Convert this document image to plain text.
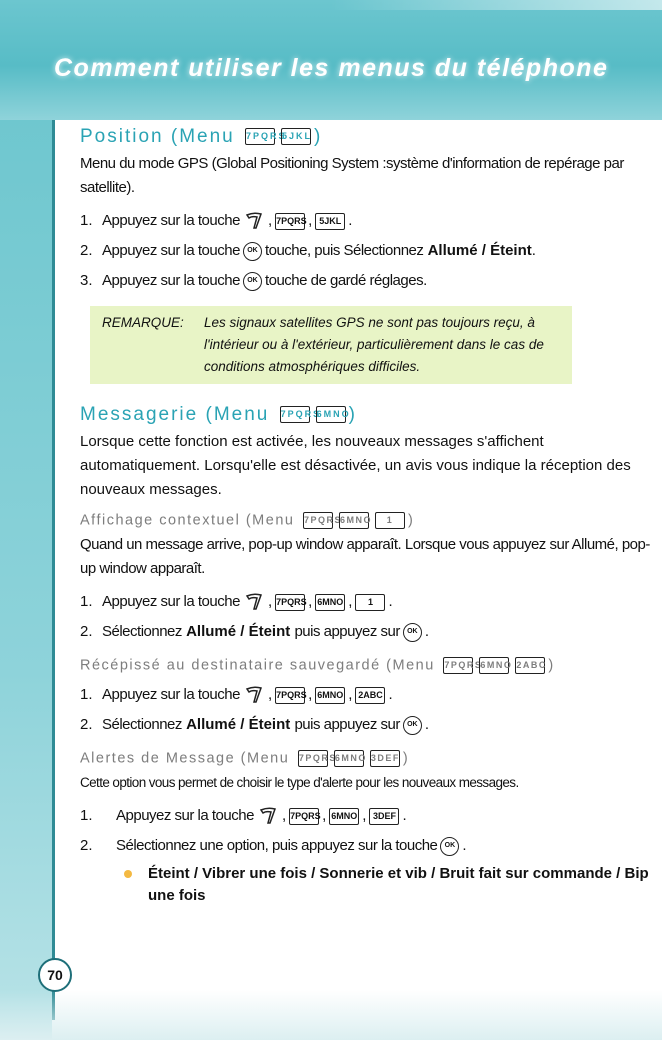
Comment utiliser les menus du téléphone
Position (Menu 7PQRS5JKL )
Menu du mode GPS (Global Positioning System :système d'information de repérage par satellite).
1. Appuyez sur la touche , 7PQRS , 5JKL .
2. Appuyez sur la touche	OK touche, puis Sélectionnez
Allumé / Éteint .
3. Appuyez sur la touche	OK touche de gardé réglages.
REMARQUE:	Les signaux satellites GPS ne sont pas toujours reçu, à l'intérieur ou à l'extérieur, particulièrement dans le cas de conditions atmosphériques difficiles.
Messagerie (Menu 7PQRS6MNO)
Lorsque cette fonction est activée, les nouveaux messages s'affichent automatiquement. Lorsqu'elle est désactivée, un avis vous indique la réception des nouveaux messages.
Affichage contextuel (Menu 7PQRS6MNO 1 )
Quand un message arrive, pop-up window apparaît. Lorsque vous appuyez sur Allumé, pop-up window apparaît.
1. Appuyez sur la touche , 7PQRS , 6MNO ,	1	.
2. Sélectionnez
Allumé / Éteint
puis appuyez sur	OK .
Récépissé au destinataire sauvegardé (Menu 7PQRS6MNO 2ABC)
1. Appuyez sur la touche , 7PQRS , 6MNO , 2ABC .
2. Sélectionnez
Allumé / Éteint
puis appuyez sur	OK .
Alertes de Message (Menu 7PQRS6MNO 3DEF )
Cette option vous permet de choisir le type d'alerte pour les nouveaux messages.
1.	Appuyez sur la touche , 7PQRS , 6MNO , 3DEF .
2.	Sélectionnez une option, puis appuyez sur la touche	OK .
Éteint / Vibrer une fois / Sonnerie et vib / Bruit fait sur commande / Bip une fois
70	LG5400
